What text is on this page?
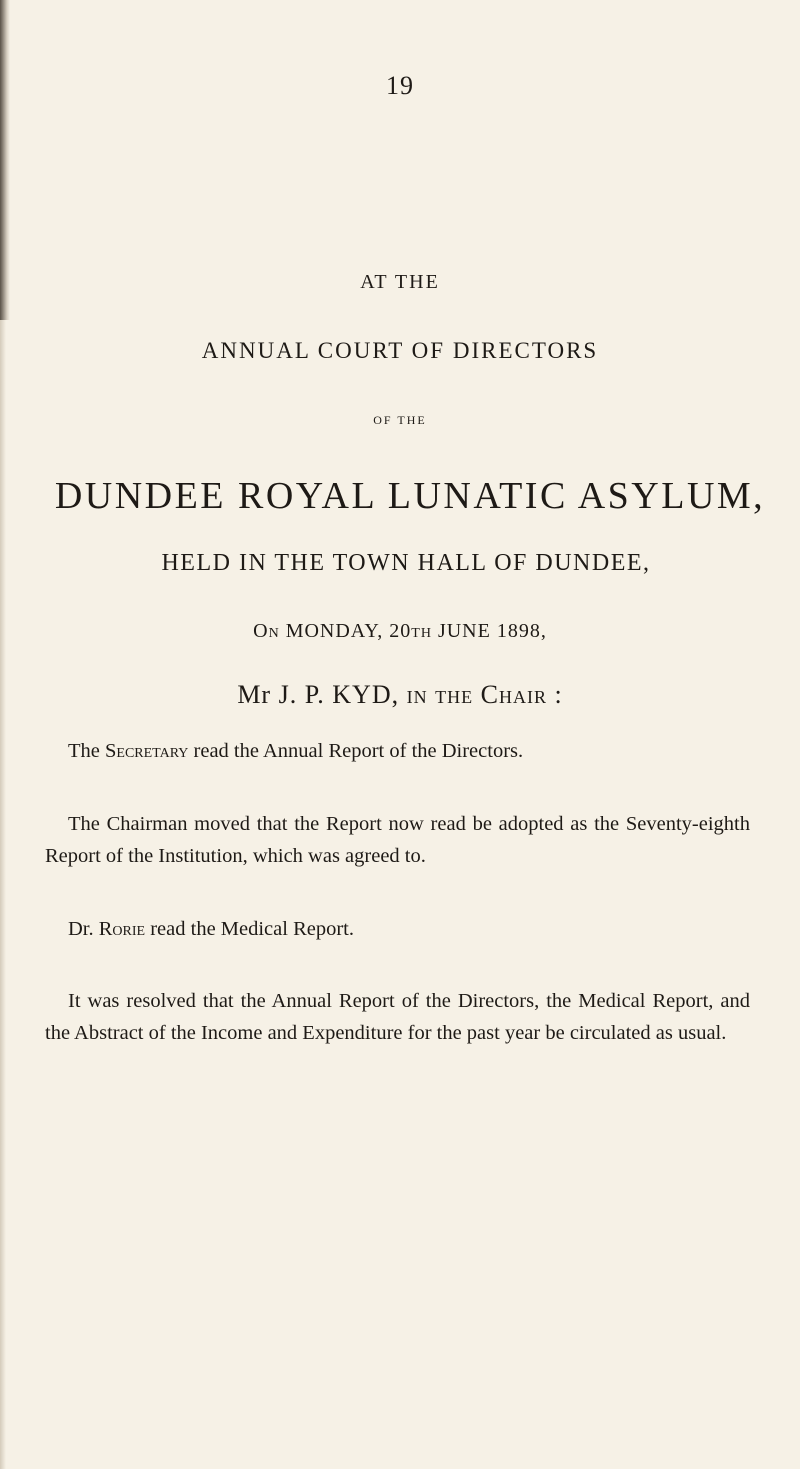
19
AT THE
ANNUAL COURT OF DIRECTORS
OF THE
DUNDEE ROYAL LUNATIC ASYLUM,
HELD IN THE TOWN HALL OF DUNDEE,
On MONDAY, 20th JUNE 1898,
Mr J. P. KYD, in the Chair :
The Secretary read the Annual Report of the Directors.
The Chairman moved that the Report now read be adopted as the Seventy-eighth Report of the Institution, which was agreed to.
Dr. Rorie read the Medical Report.
It was resolved that the Annual Report of the Directors, the Medical Report, and the Abstract of the Income and Expenditure for the past year be circulated as usual.
